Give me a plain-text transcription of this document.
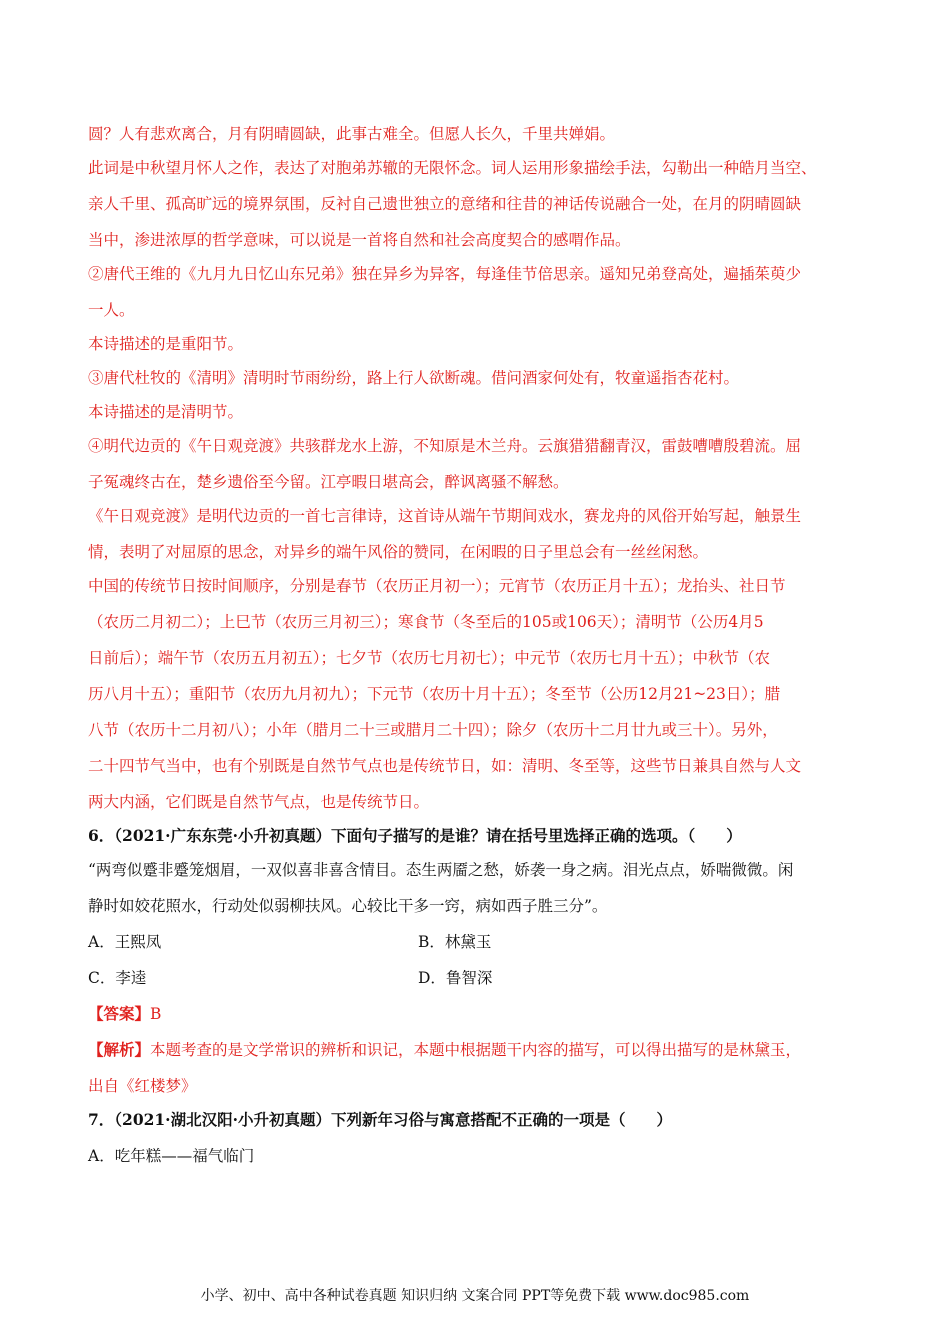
圆？人有悲欢离合，月有阴晴圆缺，此事古难全。但愿人长久，千里共婵娟。
此词是中秋望月怀人之作，表达了对胞弟苏辙的无限怀念。词人运用形象描绘手法，勾勒出一种皓月当空、
亲人千里、孤高旷远的境界氛围，反衬自己遗世独立的意绪和往昔的神话传说融合一处，在月的阴晴圆缺
当中，渗进浓厚的哲学意味，可以说是一首将自然和社会高度契合的感喟作品。
②唐代王维的《九月九日忆山东兄弟》独在异乡为异客，每逢佳节倍思亲。遥知兄弟登高处，遍插茱萸少
一人。
本诗描述的是重阳节。
③唐代杜牧的《清明》清明时节雨纷纷，路上行人欲断魂。借问酒家何处有，牧童遥指杏花村。
本诗描述的是清明节。
④明代边贡的《午日观竞渡》共骇群龙水上游，不知原是木兰舟。云旗猎猎翻青汉，雷鼓嘈嘈殷碧流。屈
子冤魂终古在，楚乡遗俗至今留。江亭暇日堪高会，醉讽离骚不解愁。
《午日观竞渡》是明代边贡的一首七言律诗，这首诗从端午节期间戏水，赛龙舟的风俗开始写起，触景生
情，表明了对屈原的思念，对异乡的端午风俗的赞同，在闲暇的日子里总会有一丝丝闲愁。
中国的传统节日按时间顺序，分别是春节（农历正月初一）；元宵节（农历正月十五）；龙抬头、社日节
（农历二月初二）；上巳节（农历三月初三）；寒食节（冬至后的105或106天）；清明节（公历4月5
日前后）；端午节（农历五月初五）；七夕节（农历七月初七）；中元节（农历七月十五）；中秋节（农
历八月十五）；重阳节（农历九月初九）；下元节（农历十月十五）；冬至节（公历12月21~23日）；腊
八节（农历十二月初八）；小年（腊月二十三或腊月二十四）；除夕（农历十二月廿九或三十）。另外，
二十四节气当中，也有个别既是自然节气点也是传统节日，如：清明、冬至等，这些节日兼具自然与人文
两大内涵，它们既是自然节气点，也是传统节日。
6．（2021·广东东莞·小升初真题）下面句子描写的是谁？请在括号里选择正确的选项。（　　）
“两弯似蹙非蹙笼烟眉，一双似喜非喜含情目。态生两靥之愁，娇袭一身之病。泪光点点，娇喘微微。闲
静时如姣花照水，行动处似弱柳扶风。心较比干多一窍，病如西子胜三分”。
A．王熙凤	B．林黛玉
C．李逵	D．鲁智深
【答案】B
【解析】本题考查的是文学常识的辨析和识记，本题中根据题干内容的描写，可以得出描写的是林黛玉，
出自《红楼梦》
7．（2021·湖北汉阳·小升初真题）下列新年习俗与寓意搭配不正确的一项是（　　）
A．吃年糕——福气临门
小学、初中、高中各种试卷真题 知识归纳 文案合同 PPT等免费下载 www.doc985.com
